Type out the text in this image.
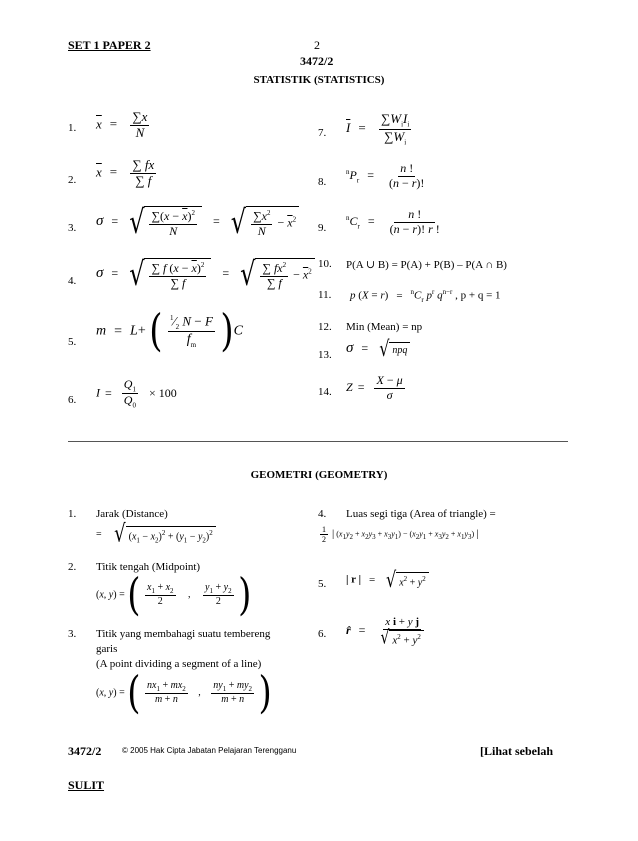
SET 1 PAPER 2	2
3472/2
STATISTIK (STATISTICS)
1. $\overline{x} = \frac{\sum x}{N}$
2.
$\overline{x} = \frac{\sum fx}{\sum f}$
3. σ = √ $\frac{\sum(x - \overline{x})^2}{N}$ = √ $\frac{\sum x^2}{N} - \overline{x}^2$
4. σ = √ $\frac{\sum f (x - \overline{x})^2}{\sum f}$ = √ $\frac{\sum fx^2}{\sum f} - \overline{x}^2$
5.
m = L+ ( $\frac{^1⁄_2 N - F}{f_m} )C$
6.
$I = \frac{Q_1}{Q_0} \times 100$
7. $\overline{I} = \frac{\sum W_iI_i}{\sum W_i}$
8.
$^nP_r = \frac{n !}{(n - r)!}$
9.
$^nC_r = \frac{n !}{(n - r)! r !}$
10. P(A ∪ B) = P(A) + P(B) – P(A ∩ B)
11. p $(X = r) = ^nC_r$ $p^r$ $q^{n-r}$ , p + q = 1
12. Min (Mean) = np
13. σ = √ npq
14. $Z = \frac{X - \mu}{\sigma}$
GEOMETRI (GEOMETRY)
1. Jarak (Distance)
= √ $(x_1 - x_2)^2 + (y_1 - y_2)^2$
2. Titik tengah (Midpoint)
(x, y) = ( $\frac{x_1 + x_2}{2}$ , $\frac{y_1 + y_2}{2}$ )
3. Titik yang membahagi suatu tembereng
garis
(A point dividing a segment of a line)
(x, y) = ( $\frac{nx_1 + mx_2}{m + n}$ , $\frac{ny_1 + my_2}{m + n}$ )
4. Luas segi tiga (Area of triangle) =
$\frac{1}{2}$ | $(x_1y_2 + x_2y_3 + x_3y_1) - (x_2y_1 + x_3y_2 + x_1y_3)$ |
5. | r | = √ $x^2 + y^2$
6. r̂ = $\frac{\text{x i + y j}}{√ x^2 + y^2}$
3472/2	© 2005 Hak Cipta Jabatan Pelajaran Terengganu	[Lihat sebelah
SULIT
